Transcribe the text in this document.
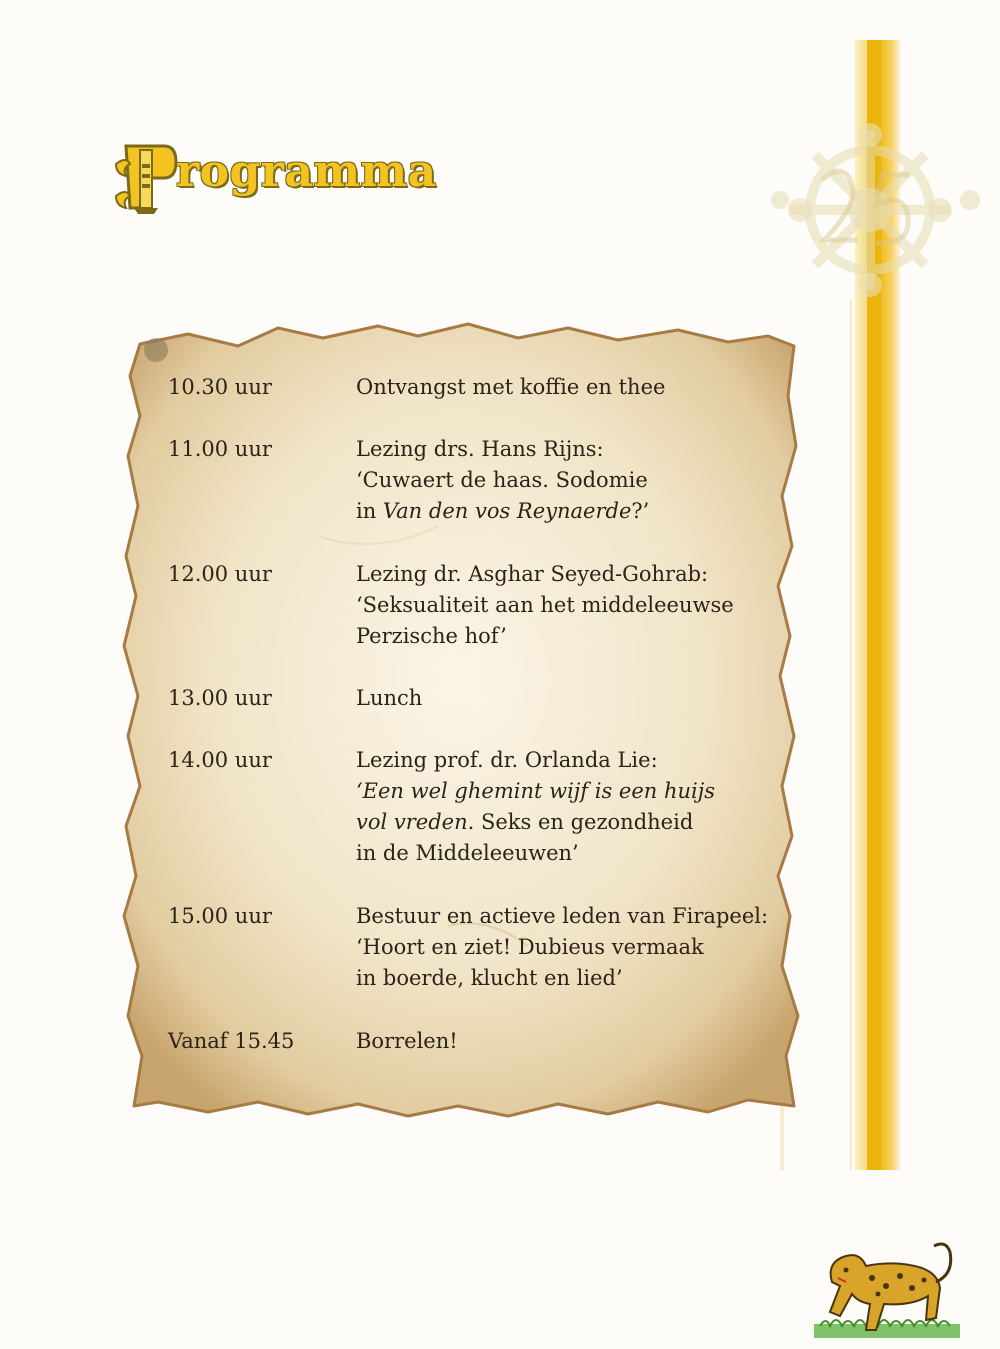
rogramma
10.30 uur	Ontvangst met koffie en thee
11.00 uur	Lezing drs. Hans Rijns:
‘Cuwaert de haas. Sodomie
in Van den vos Reynaerde?’
12.00 uur	Lezing dr. Asghar Seyed-Gohrab:
‘Seksualiteit aan het middeleeuwse
Perzische hof’
13.00 uur	Lunch
14.00 uur	Lezing prof. dr. Orlanda Lie:
‘Een wel ghemint wijf is een huijs
vol vreden. Seks en gezondheid
in de Middeleeuwen’
15.00 uur	Bestuur en actieve leden van Firapeel:
‘Hoort en ziet! Dubieus vermaak
in boerde, klucht en lied’
Vanaf 15.45	Borrelen!
